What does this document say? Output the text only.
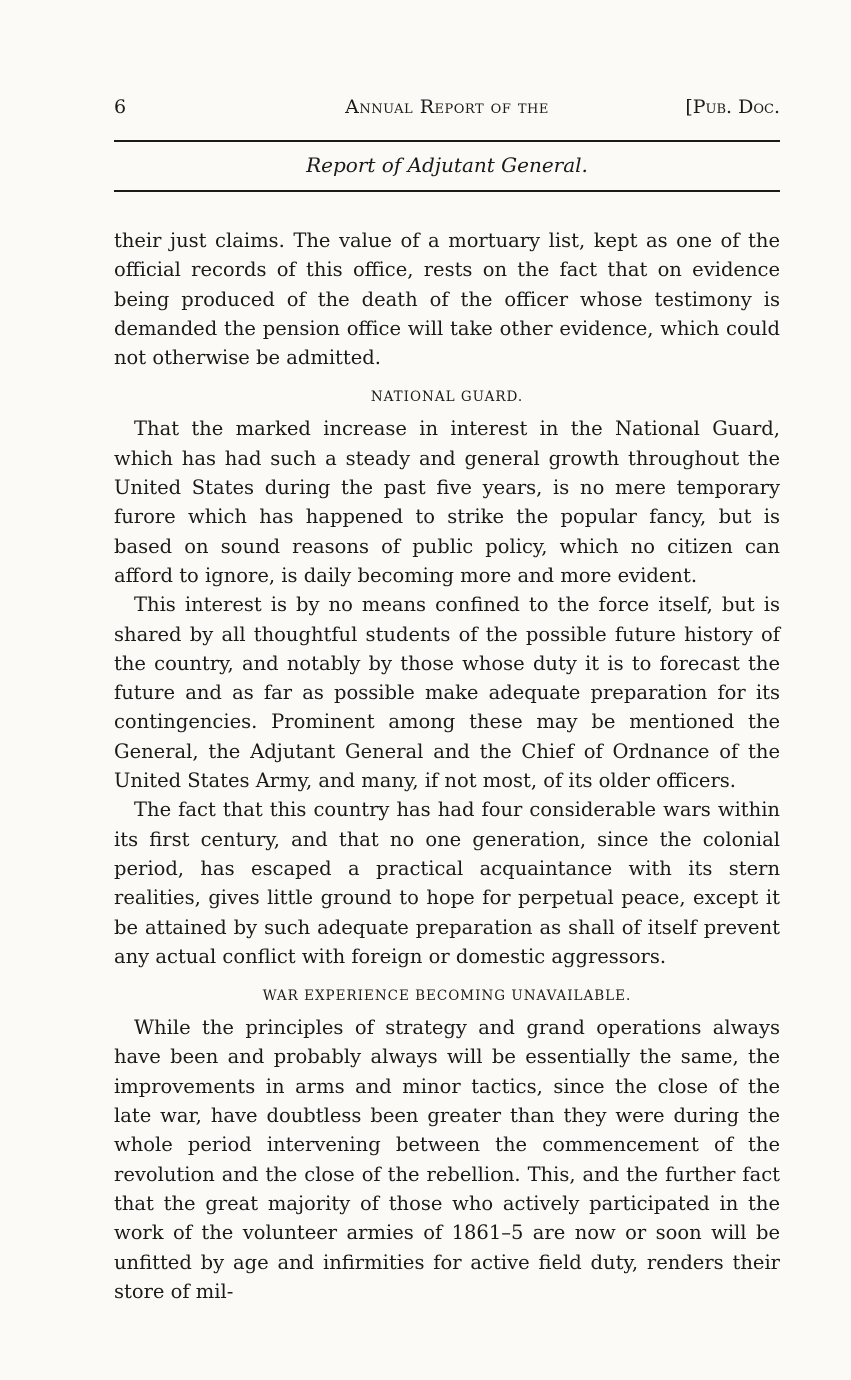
6	Annual Report of the	[Pub. Doc.
Report of Adjutant General.

their just claims. The value of a mortuary list, kept as one of the official records of this office, rests on the fact that on evidence being produced of the death of the officer whose testimony is demanded the pension office will take other evidence, which could not otherwise be admitted.

NATIONAL GUARD.

That the marked increase in interest in the National Guard, which has had such a steady and general growth throughout the United States during the past five years, is no mere temporary furore which has happened to strike the popular fancy, but is based on sound reasons of public policy, which no citizen can afford to ignore, is daily becoming more and more evident.

This interest is by no means confined to the force itself, but is shared by all thoughtful students of the possible future history of the country, and notably by those whose duty it is to forecast the future and as far as possible make adequate preparation for its contingencies. Prominent among these may be mentioned the General, the Adjutant General and the Chief of Ordnance of the United States Army, and many, if not most, of its older officers.

The fact that this country has had four considerable wars within its first century, and that no one generation, since the colonial period, has escaped a practical acquaintance with its stern realities, gives little ground to hope for perpetual peace, except it be attained by such adequate preparation as shall of itself prevent any actual conflict with foreign or domestic aggressors.

WAR EXPERIENCE BECOMING UNAVAILABLE.

While the principles of strategy and grand operations always have been and probably always will be essentially the same, the improvements in arms and minor tactics, since the close of the late war, have doubtless been greater than they were during the whole period intervening between the commencement of the revolution and the close of the rebellion. This, and the further fact that the great majority of those who actively participated in the work of the volunteer armies of 1861–5 are now or soon will be unfitted by age and infirmities for active field duty, renders their store of mil-
